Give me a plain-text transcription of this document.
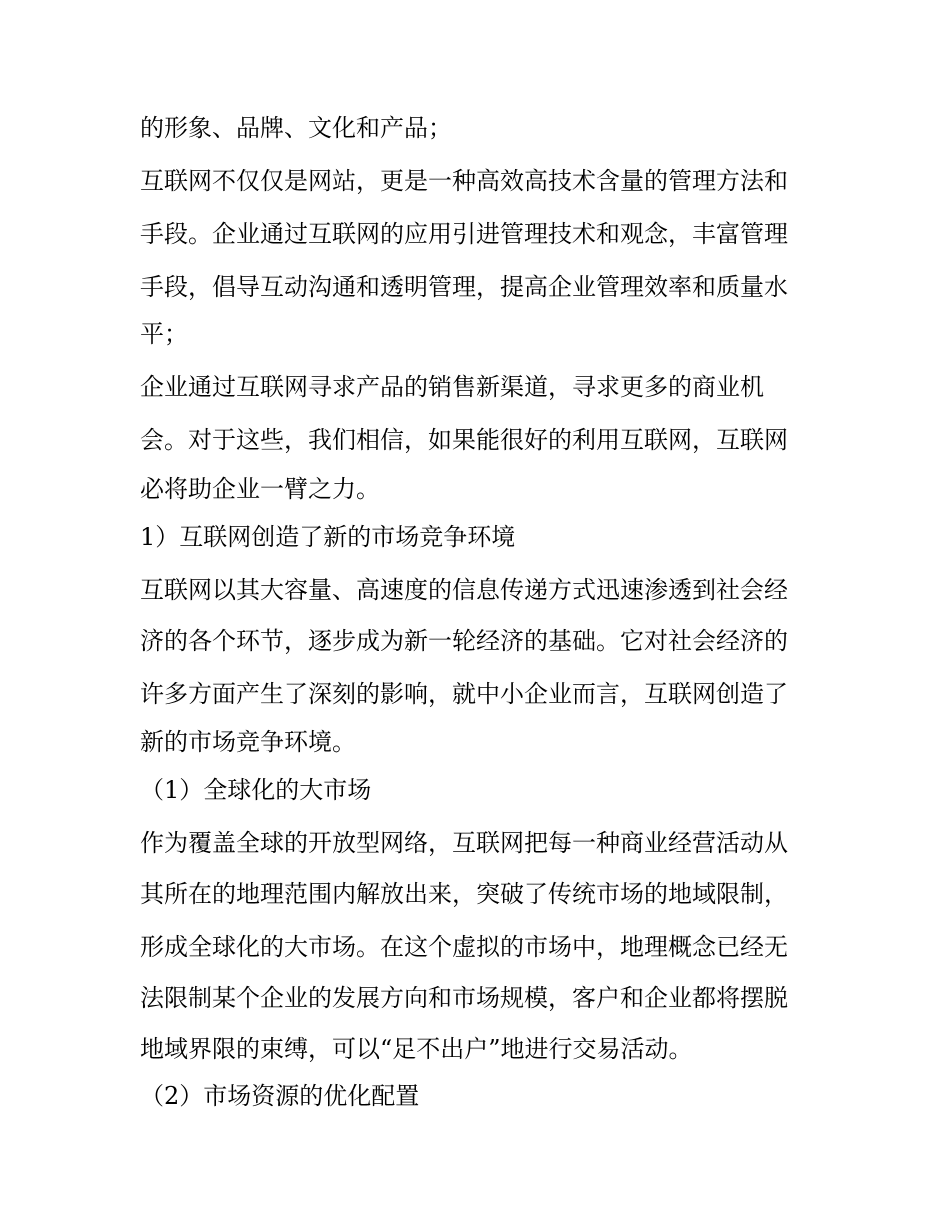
的形象、品牌、文化和产品；
互联网不仅仅是网站，更是一种高效高技术含量的管理方法和
手段。企业通过互联网的应用引进管理技术和观念，丰富管理
手段，倡导互动沟通和透明管理，提高企业管理效率和质量水
平；
企业通过互联网寻求产品的销售新渠道，寻求更多的商业机
会。对于这些，我们相信，如果能很好的利用互联网，互联网
必将助企业一臂之力。
1）互联网创造了新的市场竞争环境
互联网以其大容量、高速度的信息传递方式迅速渗透到社会经
济的各个环节，逐步成为新一轮经济的基础。它对社会经济的
许多方面产生了深刻的影响，就中小企业而言，互联网创造了
新的市场竞争环境。
（1）全球化的大市场
作为覆盖全球的开放型网络，互联网把每一种商业经营活动从
其所在的地理范围内解放出来，突破了传统市场的地域限制，
形成全球化的大市场。在这个虚拟的市场中，地理概念已经无
法限制某个企业的发展方向和市场规模，客户和企业都将摆脱
地域界限的束缚，可以“足不出户”地进行交易活动。
（2）市场资源的优化配置
